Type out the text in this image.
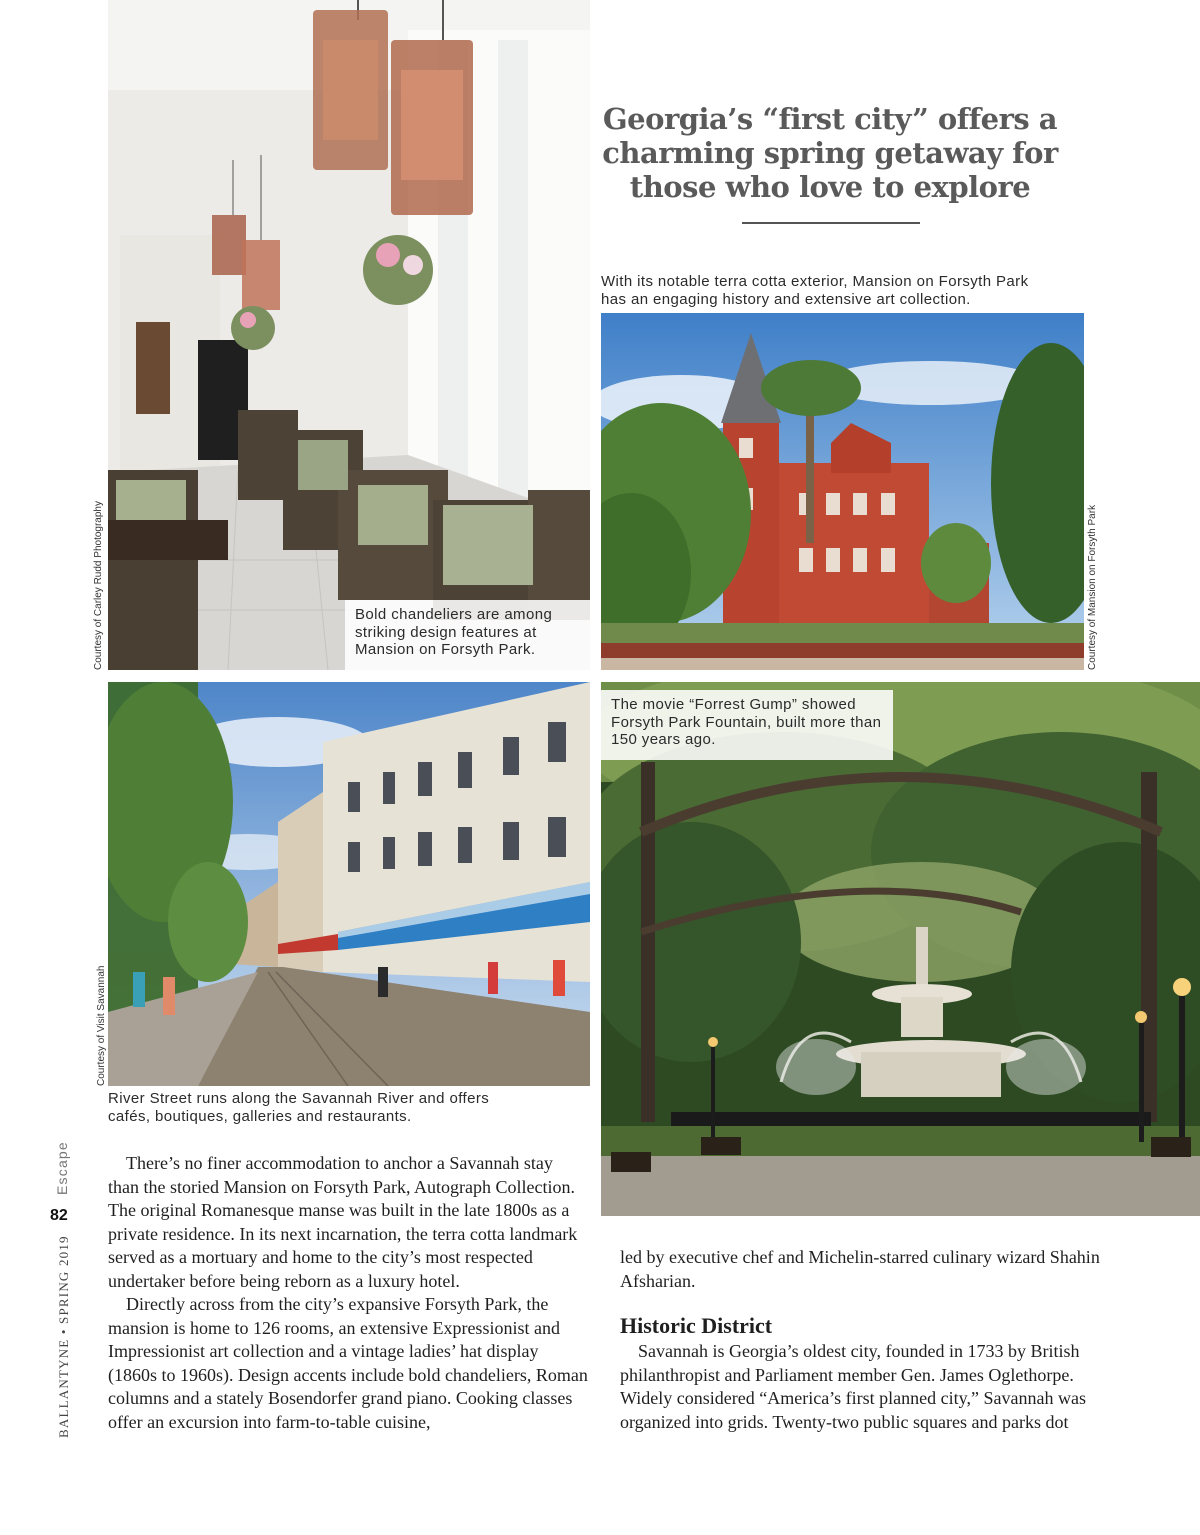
Georgia’s “first city” offers a charming spring getaway for those who love to explore
Courtesy of Carley Rudd Photography	Bold chandeliers are among striking design features at Mansion on Forsyth Park.
With its notable terra cotta exterior, Mansion on Forsyth Park has an engaging history and extensive art collection.
Courtesy of Mansion on Forsyth Park
Courtesy of Visit Savannah
River Street runs along the Savannah River and offers cafés, boutiques, galleries and restaurants.
The movie “Forrest Gump” showed Forsyth Park Fountain, built more than 150 years ago.

There’s no finer accommodation to anchor a Savannah stay than the storied Mansion on Forsyth Park, Autograph Collection. The original Romanesque manse was built in the late 1800s as a private residence. In its next incarnation, the terra cotta landmark served as a mortuary and home to the city’s most respected undertaker before being reborn as a luxury hotel.

Directly across from the city’s expansive Forsyth Park, the mansion is home to 126 rooms, an extensive Expressionist and Impressionist art collection and a vintage ladies’ hat display (1860s to 1960s). Design accents include bold chandeliers, Roman columns and a stately Bosendorfer grand piano. Cooking classes offer an excursion into farm-to-table cuisine,

led by executive chef and Michelin-starred culinary wizard Shahin Afsharian.

Historic District

Savannah is Georgia’s oldest city, founded in 1733 by British philanthropist and Parliament member Gen. James Oglethorpe. Widely considered “America’s first planned city,” Savannah was organized into grids. Twenty-two public squares and parks dot

Escape
82
BALLANTYNE • SPRING 2019
